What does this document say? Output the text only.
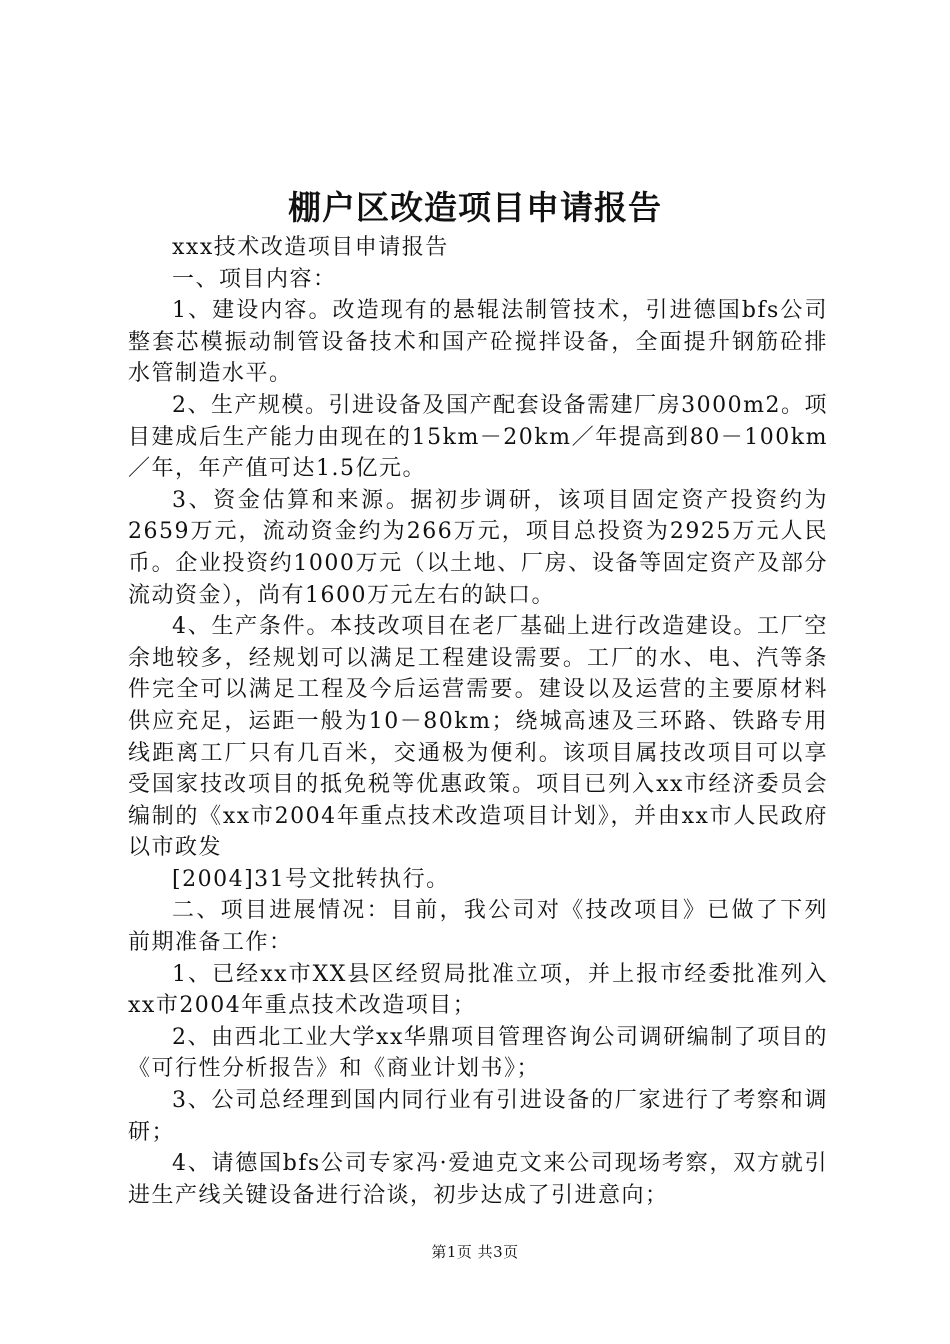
棚户区改造项目申请报告

xxx技术改造项目申请报告

一、项目内容：

1、建设内容。改造现有的悬辊法制管技术，引进德国bfs公司整套芯模振动制管设备技术和国产砼搅拌设备，全面提升钢筋砼排水管制造水平。

2、生产规模。引进设备及国产配套设备需建厂房3000m2。项目建成后生产能力由现在的15km－20km／年提高到80－100km／年，年产值可达1.5亿元。

3、资金估算和来源。据初步调研，该项目固定资产投资约为2659万元，流动资金约为266万元，项目总投资为2925万元人民币。企业投资约1000万元（以土地、厂房、设备等固定资产及部分流动资金），尚有1600万元左右的缺口。

4、生产条件。本技改项目在老厂基础上进行改造建设。工厂空余地较多，经规划可以满足工程建设需要。工厂的水、电、汽等条件完全可以满足工程及今后运营需要。建设以及运营的主要原材料供应充足，运距一般为10－80km；绕城高速及三环路、铁路专用线距离工厂只有几百米，交通极为便利。该项目属技改项目可以享受国家技改项目的抵免税等优惠政策。项目已列入xx市经济委员会编制的《xx市2004年重点技术改造项目计划》，并由xx市人民政府以市政发

[2004]31号文批转执行。

二、项目进展情况：目前，我公司对《技改项目》已做了下列前期准备工作：

1、已经xx市XX县区经贸局批准立项，并上报市经委批准列入xx市2004年重点技术改造项目；

2、由西北工业大学xx华鼎项目管理咨询公司调研编制了项目的《可行性分析报告》和《商业计划书》；

3、公司总经理到国内同行业有引进设备的厂家进行了考察和调研；

4、请德国bfs公司专家冯·爱迪克文来公司现场考察，双方就引进生产线关键设备进行洽谈，初步达成了引进意向；

第1页 共3页
